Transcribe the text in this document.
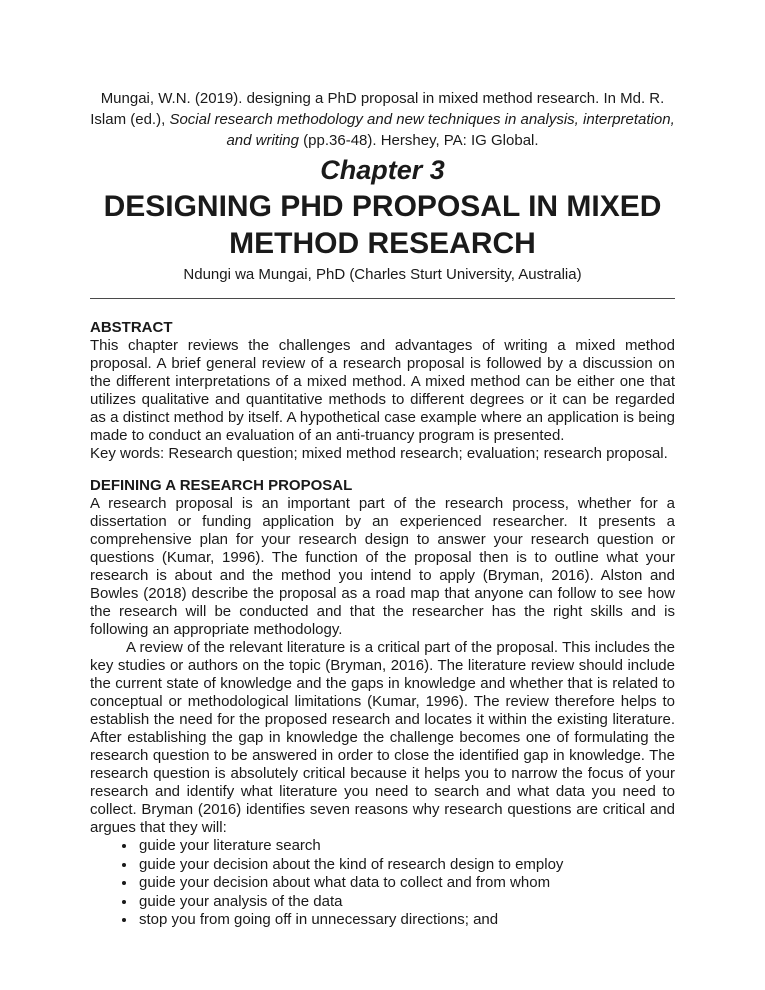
Mungai, W.N. (2019). designing a PhD proposal in mixed method research. In Md. R. Islam (ed.), Social research methodology and new techniques in analysis, interpretation, and writing (pp.36-48). Hershey, PA: IG Global.

Chapter 3
DESIGNING PHD PROPOSAL IN MIXED METHOD RESEARCH
Ndungi wa Mungai, PhD (Charles Sturt University, Australia)
ABSTRACT

This chapter reviews the challenges and advantages of writing a mixed method proposal. A brief general review of a research proposal is followed by a discussion on the different interpretations of a mixed method. A mixed method can be either one that utilizes qualitative and quantitative methods to different degrees or it can be regarded as a distinct method by itself. A hypothetical case example where an application is being made to conduct an evaluation of an anti-truancy program is presented.

Key words: Research question; mixed method research; evaluation; research proposal.

DEFINING A RESEARCH PROPOSAL

A research proposal is an important part of the research process, whether for a dissertation or funding application by an experienced researcher. It presents a comprehensive plan for your research design to answer your research question or questions (Kumar, 1996). The function of the proposal then is to outline what your research is about and the method you intend to apply (Bryman, 2016). Alston and Bowles (2018) describe the proposal as a road map that anyone can follow to see how the research will be conducted and that the researcher has the right skills and is following an appropriate methodology.

A review of the relevant literature is a critical part of the proposal. This includes the key studies or authors on the topic (Bryman, 2016). The literature review should include the current state of knowledge and the gaps in knowledge and whether that is related to conceptual or methodological limitations (Kumar, 1996). The review therefore helps to establish the need for the proposed research and locates it within the existing literature. After establishing the gap in knowledge the challenge becomes one of formulating the research question to be answered in order to close the identified gap in knowledge. The research question is absolutely critical because it helps you to narrow the focus of your research and identify what literature you need to search and what data you need to collect. Bryman (2016) identifies seven reasons why research questions are critical and argues that they will:

• guide your literature search
• guide your decision about the kind of research design to employ
• guide your decision about what data to collect and from whom
• guide your analysis of the data
• stop you from going off in unnecessary directions; and
